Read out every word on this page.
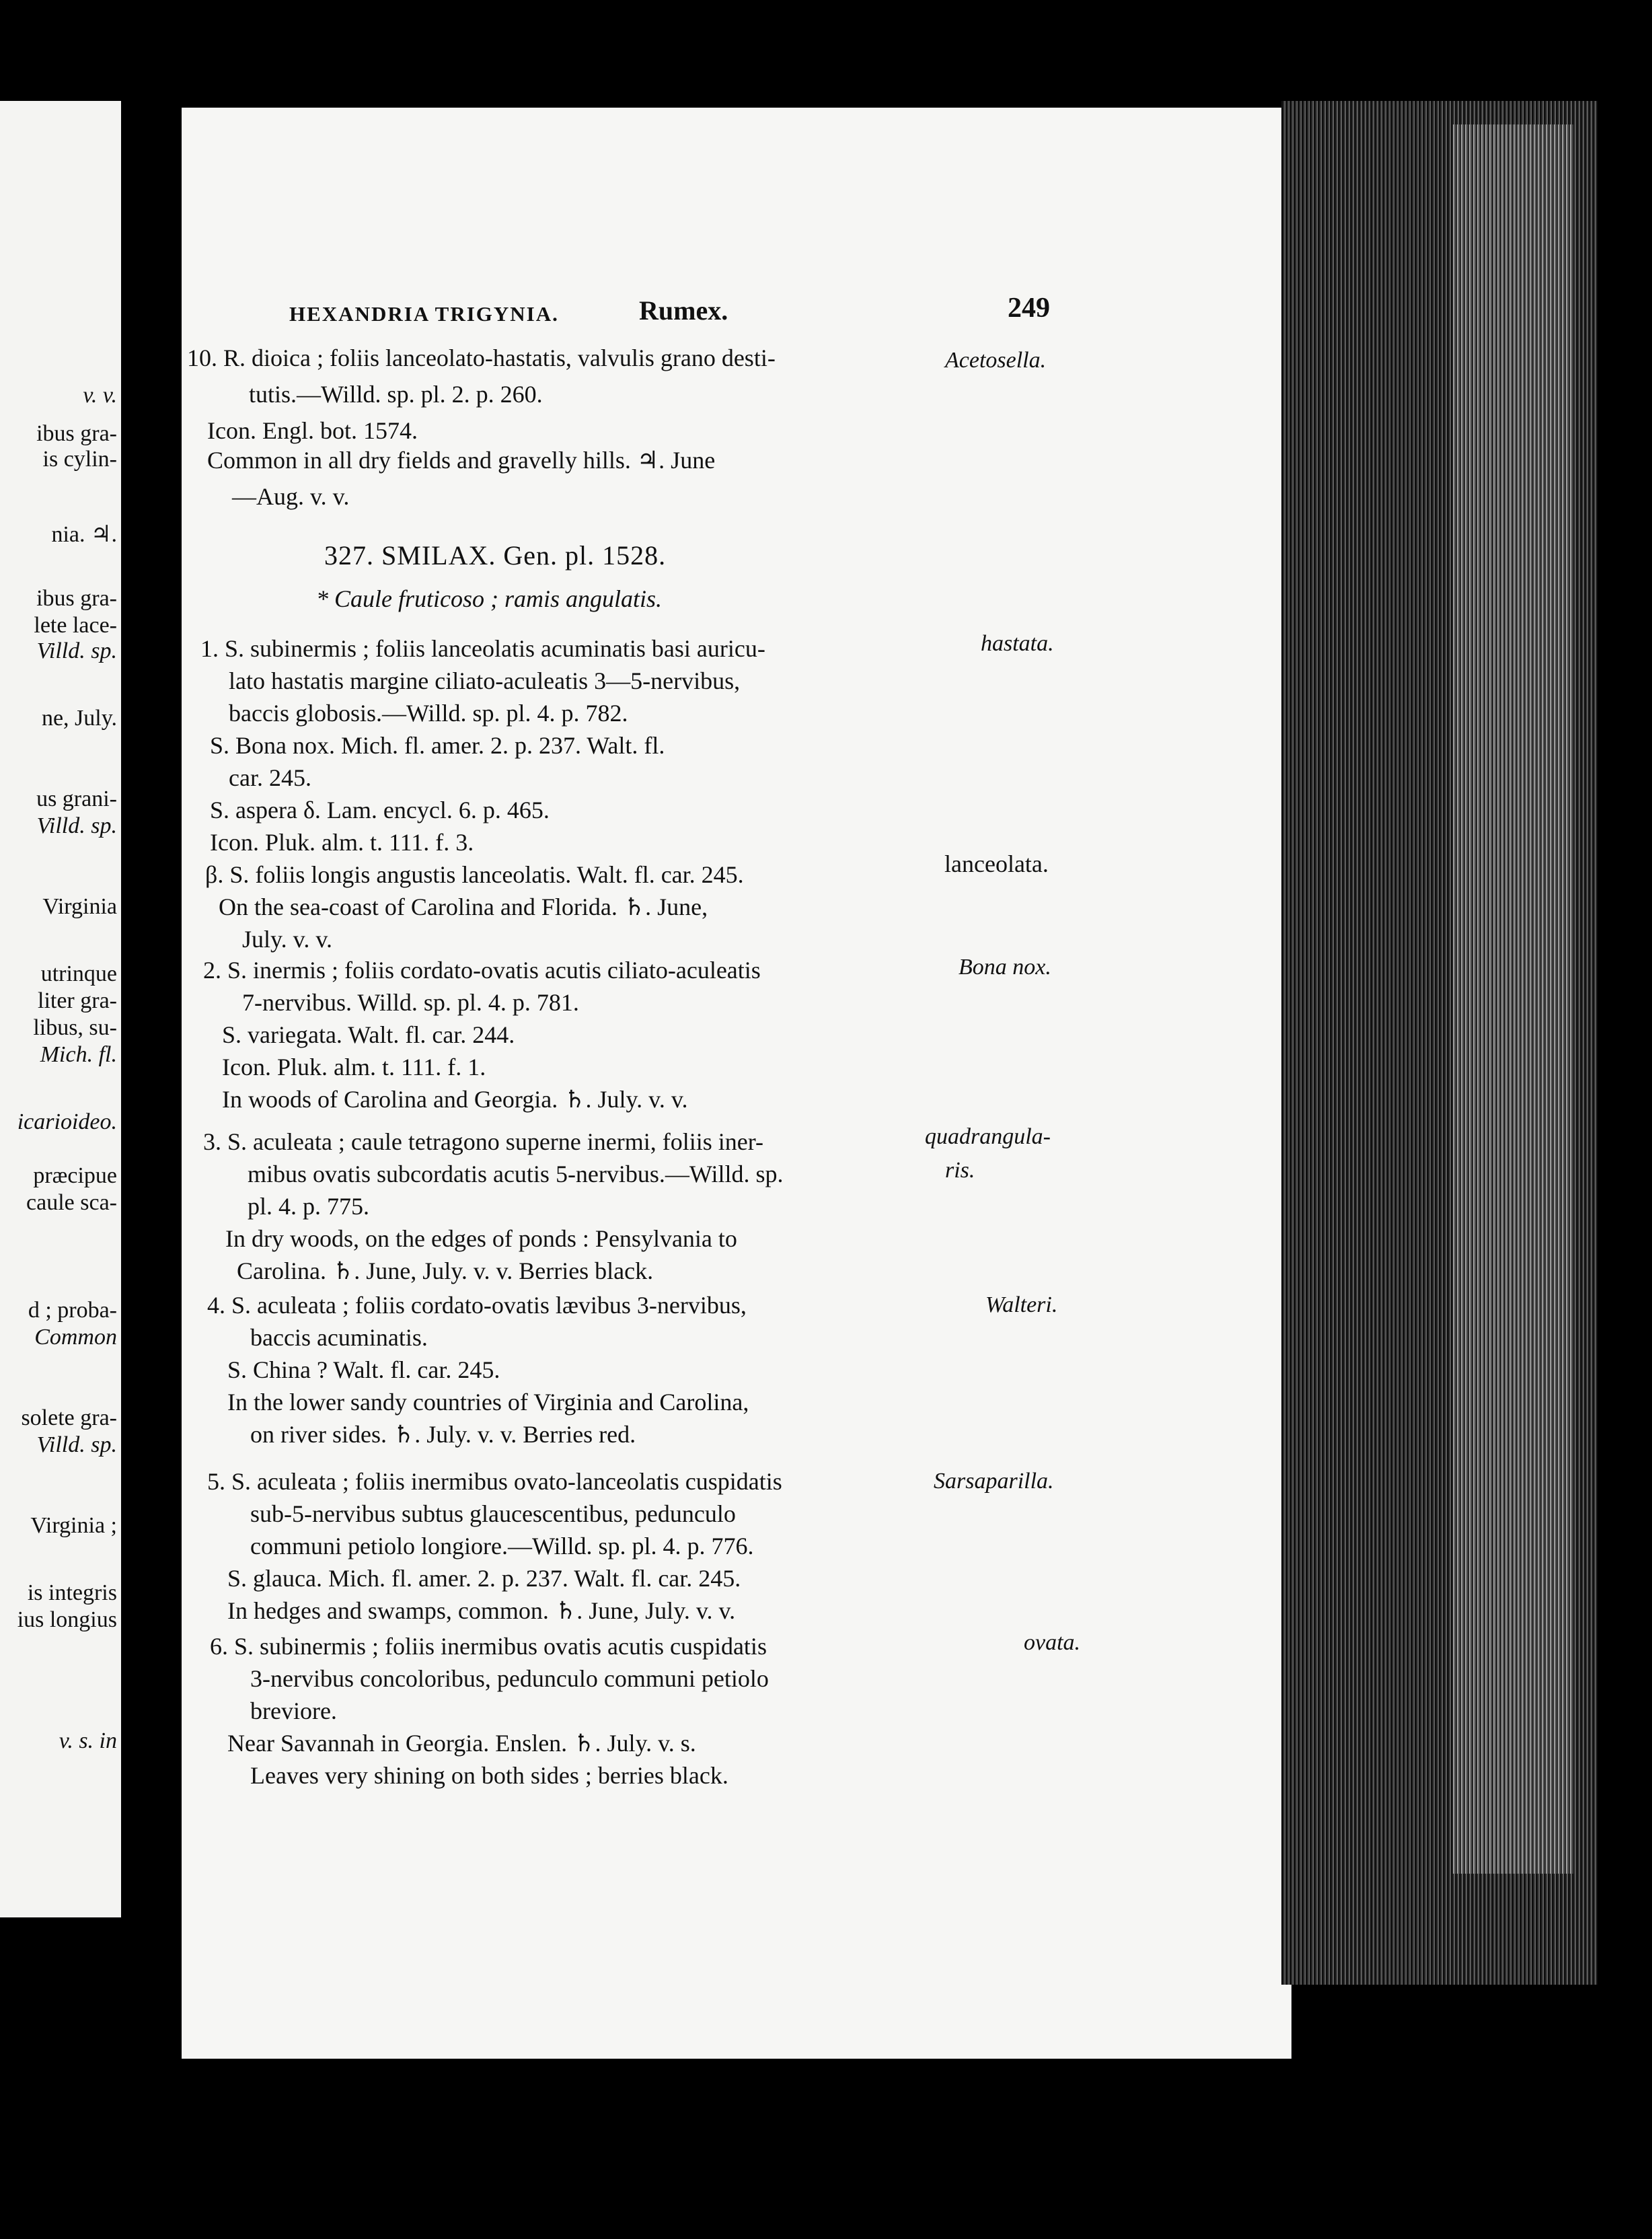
v. v.
ibus gra-
is cylin-
nia. ♃.
ibus gra-
lete lace-
Villd. sp.
ne, July.
us grani-
Villd. sp.
Virginia
utrinque
liter gra-
libus, su-
Mich. fl.
icarioideo.
præcipue
caule sca-
d ; proba-
Common
solete gra-
Villd. sp.
Virginia ;
is integris
ius longius
v. s. in
HEXANDRIA TRIGYNIA.	Rumex.	249
10. R. dioica ; foliis lanceolato-hastatis, valvulis grano desti-
tutis.—Willd. sp. pl. 2. p. 260.
Icon. Engl. bot. 1574.
Common in all dry fields and gravelly hills. ♃. June
—Aug. v. v.
Acetosella.
327. SMILAX. Gen. pl. 1528.
* Caule fruticoso ; ramis angulatis.
1. S. subinermis ; foliis lanceolatis acuminatis basi auricu-
lato hastatis margine ciliato-aculeatis 3—5-nervibus,
baccis globosis.—Willd. sp. pl. 4. p. 782.
S. Bona nox. Mich. fl. amer. 2. p. 237. Walt. fl.
car. 245.
S. aspera δ. Lam. encycl. 6. p. 465.
Icon. Pluk. alm. t. 111. f. 3.
β. S. foliis longis angustis lanceolatis. Walt. fl. car. 245.
On the sea-coast of Carolina and Florida. ♄. June,
July. v. v.
hastata.
lanceolata.
2. S. inermis ; foliis cordato-ovatis acutis ciliato-aculeatis
7-nervibus. Willd. sp. pl. 4. p. 781.
S. variegata. Walt. fl. car. 244.
Icon. Pluk. alm. t. 111. f. 1.
In woods of Carolina and Georgia. ♄. July. v. v.
Bona nox.
3. S. aculeata ; caule tetragono superne inermi, foliis iner-
mibus ovatis subcordatis acutis 5-nervibus.—Willd. sp.
pl. 4. p. 775.
In dry woods, on the edges of ponds : Pensylvania to
Carolina. ♄. June, July. v. v. Berries black.
quadrangula-
ris.
4. S. aculeata ; foliis cordato-ovatis lævibus 3-nervibus,
baccis acuminatis.
S. China ? Walt. fl. car. 245.
In the lower sandy countries of Virginia and Carolina,
on river sides. ♄. July. v. v. Berries red.
Walteri.
5. S. aculeata ; foliis inermibus ovato-lanceolatis cuspidatis
sub-5-nervibus subtus glaucescentibus, pedunculo
communi petiolo longiore.—Willd. sp. pl. 4. p. 776.
S. glauca. Mich. fl. amer. 2. p. 237. Walt. fl. car. 245.
In hedges and swamps, common. ♄. June, July. v. v.
Sarsaparilla.
6. S. subinermis ; foliis inermibus ovatis acutis cuspidatis
3-nervibus concoloribus, pedunculo communi petiolo
breviore.
Near Savannah in Georgia. Enslen. ♄. July. v. s.
Leaves very shining on both sides ; berries black.
ovata.
